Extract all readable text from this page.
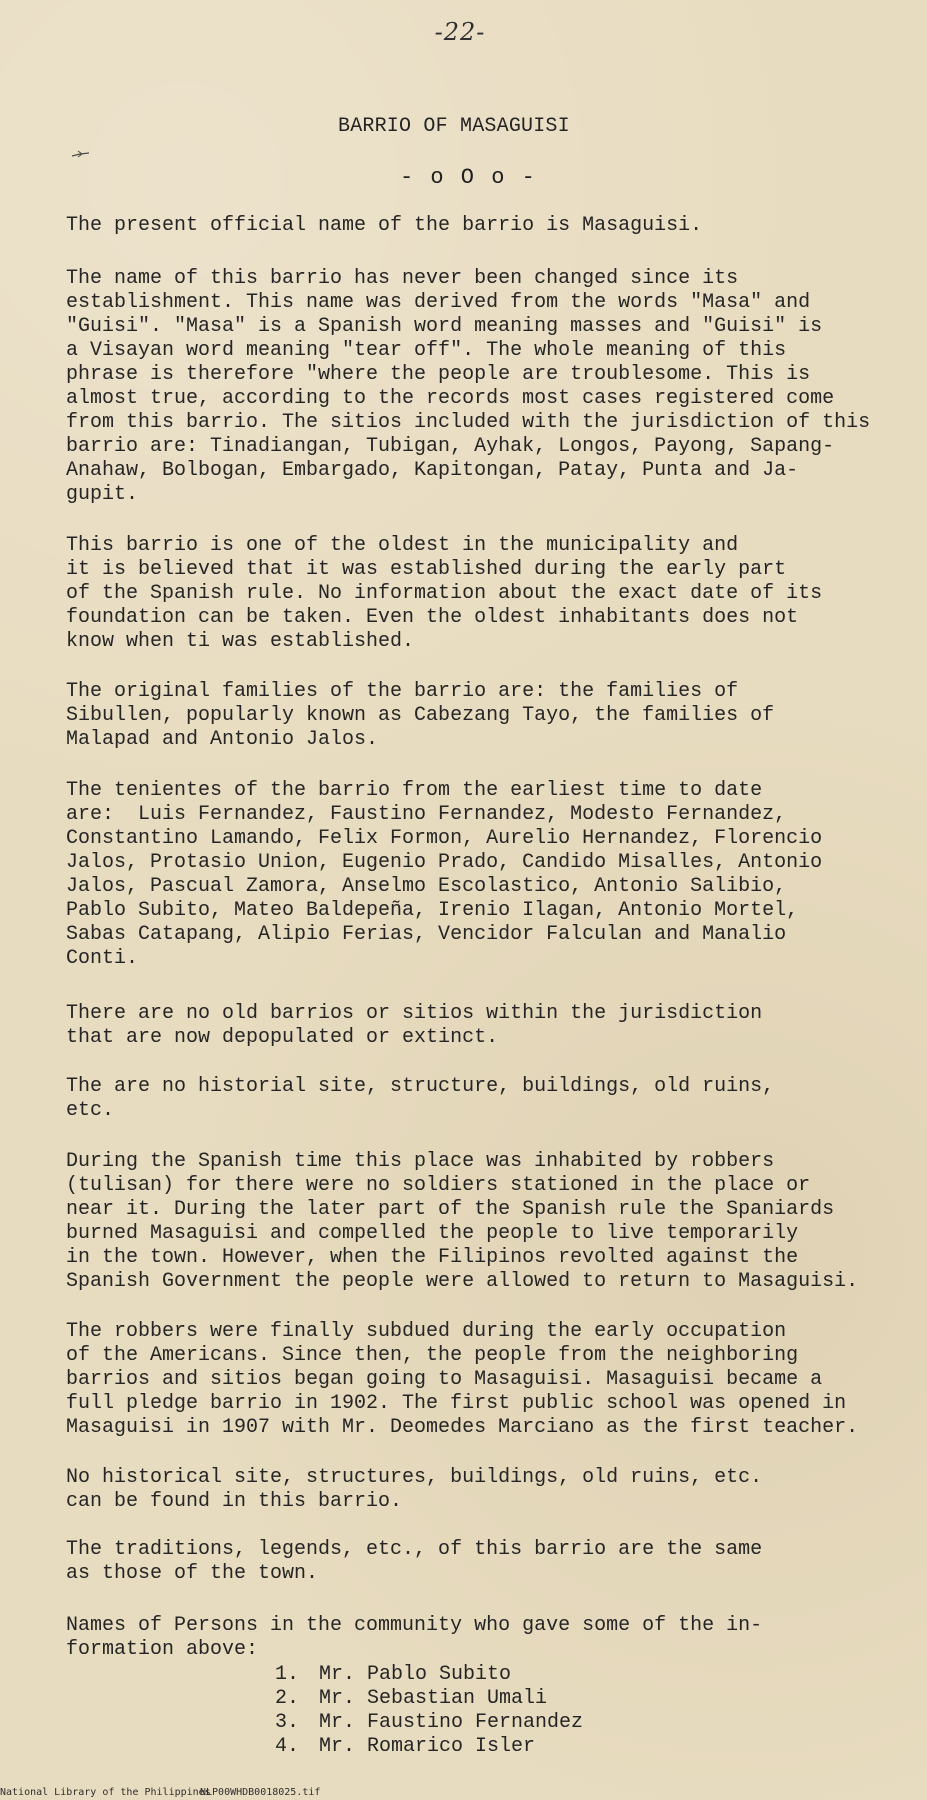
-22-
BARRIO OF MASAGUISI
- o O o -
The present official name of the barrio is Masaguisi.
The name of this barrio has never been changed since its
establishment. This name was derived from the words "Masa" and
"Guisi". "Masa" is a Spanish word meaning masses and "Guisi" is
a Visayan word meaning "tear off". The whole meaning of this
phrase is therefore "where the people are troublesome. This is
almost true, according to the records most cases registered come
from this barrio. The sitios included with the jurisdiction of this
barrio are: Tinadiangan, Tubigan, Ayhak, Longos, Payong, Sapang-
Anahaw, Bolbogan, Embargado, Kapitongan, Patay, Punta and Ja-
gupit.
This barrio is one of the oldest in the municipality and
it is believed that it was established during the early part
of the Spanish rule. No information about the exact date of its
foundation can be taken. Even the oldest inhabitants does not
know when ti was established.
The original families of the barrio are: the families of
Sibullen, popularly known as Cabezang Tayo, the families of
Malapad and Antonio Jalos.
The tenientes of the barrio from the earliest time to date
are:  Luis Fernandez, Faustino Fernandez, Modesto Fernandez,
Constantino Lamando, Felix Formon, Aurelio Hernandez, Florencio
Jalos, Protasio Union, Eugenio Prado, Candido Misalles, Antonio
Jalos, Pascual Zamora, Anselmo Escolastico, Antonio Salibio,
Pablo Subito, Mateo Baldepeña, Irenio Ilagan, Antonio Mortel,
Sabas Catapang, Alipio Ferias, Vencidor Falculan and Manalio
Conti.
There are no old barrios or sitios within the jurisdiction
that are now depopulated or extinct.
The are no historial site, structure, buildings, old ruins,
etc.
During the Spanish time this place was inhabited by robbers
(tulisan) for there were no soldiers stationed in the place or
near it. During the later part of the Spanish rule the Spaniards
burned Masaguisi and compelled the people to live temporarily
in the town. However, when the Filipinos revolted against the
Spanish Government the people were allowed to return to Masaguisi.
The robbers were finally subdued during the early occupation
of the Americans. Since then, the people from the neighboring
barrios and sitios began going to Masaguisi. Masaguisi became a
full pledge barrio in 1902. The first public school was opened in
Masaguisi in 1907 with Mr. Deomedes Marciano as the first teacher.
No historical site, structures, buildings, old ruins, etc.
can be found in this barrio.
The traditions, legends, etc., of this barrio are the same
as those of the town.
Names of Persons in the community who gave some of the in-
formation above:
1. Mr. Pablo Subito
2. Mr. Sebastian Umali
3. Mr. Faustino Fernandez
4. Mr. Romarico Isler
National Library of the Philippines
NLP00WHDB0018025.tif
